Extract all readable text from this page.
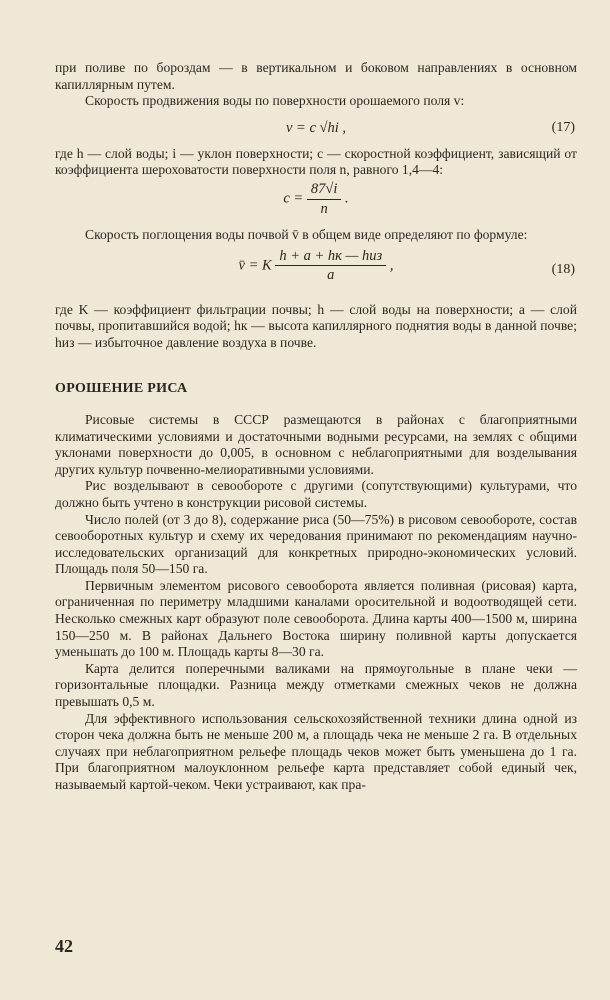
при поливе по бороздам — в вертикальном и боковом направлениях в основном капиллярным путем.

Скорость продвижения воды по поверхности орошаемого поля v:

v = c √hi ,	(17)

где h — слой воды; i — уклон поверхности; c — скоростной коэффициент, зависящий от коэффициента шероховатости поверхности поля n, равного 1,4—4:

$c = \frac{87√i}{n}$ .

Скорость поглощения воды почвой v̄ в общем виде определяют по формуле:

v̄ = K $\frac{\text{h + a + hк — hиз}}{a}$ ,	(18)

где K — коэффициент фильтрации почвы; h — слой воды на поверхности; a — слой почвы, пропитавшийся водой; hк — высота капиллярного поднятия воды в данной почве; hиз — избыточное давление воздуха в почве.

ОРОШЕНИЕ РИСА

Рисовые системы в СССР размещаются в районах с благоприятными климатическими условиями и достаточными водными ресурсами, на землях с общими уклонами поверхности до 0,005, в основном с неблагоприятными для возделывания других культур почвенно-мелиоративными условиями.

Рис возделывают в севообороте с другими (сопутствующими) культурами, что должно быть учтено в конструкции рисовой системы.

Число полей (от 3 до 8), содержание риса (50—75%) в рисовом севообороте, состав севооборотных культур и схему их чередования принимают по рекомендациям научно-исследовательских организаций для конкретных природно-экономических условий. Площадь поля 50—150 га.

Первичным элементом рисового севооборота является поливная (рисовая) карта, ограниченная по периметру младшими каналами оросительной и водоотводящей сети. Несколько смежных карт образуют поле севооборота. Длина карты 400—1500 м, ширина 150—250 м. В районах Дальнего Востока ширину поливной карты допускается уменьшать до 100 м. Площадь карты 8—30 га.

Карта делится поперечными валиками на прямоугольные в плане чеки — горизонтальные площадки. Разница между отметками смежных чеков не должна превышать 0,5 м.

Для эффективного использования сельскохозяйственной техники длина одной из сторон чека должна быть не меньше 200 м, а площадь чека не меньше 2 га. В отдельных случаях при неблагоприятном рельефе площадь чеков может быть уменьшена до 1 га. При благоприятном малоуклонном рельефе карта представляет собой единый чек, называемый картой-чеком. Чеки устраивают, как пра-

42
